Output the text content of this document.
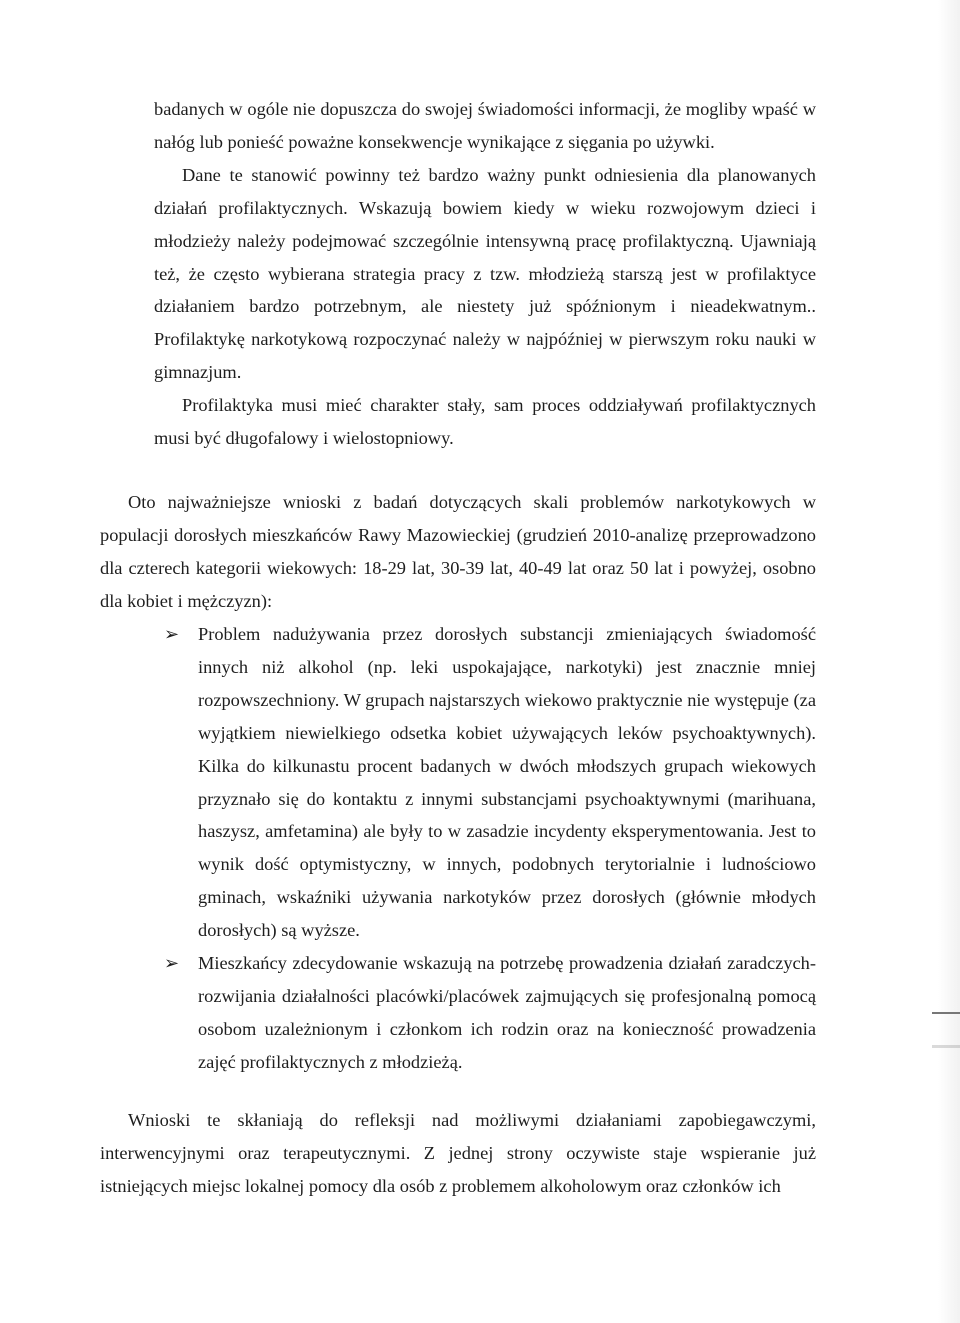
badanych w ogóle nie dopuszcza do swojej świadomości informacji, że mogliby wpaść w nałóg lub ponieść poważne konsekwencje wynikające z sięgania po używki.

Dane te stanowić powinny też bardzo ważny punkt odniesienia dla planowanych działań profilaktycznych. Wskazują bowiem kiedy w wieku rozwojowym dzieci i młodzieży należy podejmować szczególnie intensywną pracę profilaktyczną. Ujawniają też, że często wybierana strategia pracy z tzw. młodzieżą starszą jest w profilaktyce działaniem bardzo potrzebnym, ale niestety już spóźnionym i nieadekwatnym.. Profilaktykę narkotykową rozpoczynać należy w najpóźniej w pierwszym roku nauki w gimnazjum.

Profilaktyka musi mieć charakter stały, sam proces oddziaływań profilaktycznych musi być długofalowy i wielostopniowy.

Oto najważniejsze wnioski z badań dotyczących skali problemów narkotykowych w populacji dorosłych mieszkańców Rawy Mazowieckiej (grudzień 2010-analizę przeprowadzono dla czterech kategorii wiekowych: 18-29 lat, 30-39 lat, 40-49 lat oraz 50 lat i powyżej, osobno dla kobiet i mężczyzn):

➢ Problem nadużywania przez dorosłych substancji zmieniających świadomość innych niż alkohol (np. leki uspokajające, narkotyki) jest znacznie mniej rozpowszechniony. W grupach najstarszych wiekowo praktycznie nie występuje (za wyjątkiem niewielkiego odsetka kobiet używających leków psychoaktywnych). Kilka do kilkunastu procent badanych w dwóch młodszych grupach wiekowych przyznało się do kontaktu z innymi substancjami psychoaktywnymi (marihuana, haszysz, amfetamina) ale były to w zasadzie incydenty eksperymentowania. Jest to wynik dość optymistyczny, w innych, podobnych terytorialnie i ludnościowo gminach, wskaźniki używania narkotyków przez dorosłych (głównie młodych dorosłych) są wyższe.
➢ Mieszkańcy zdecydowanie wskazują na potrzebę prowadzenia działań zaradczych- rozwijania działalności placówki/placówek zajmujących się profesjonalną pomocą osobom uzależnionym i członkom ich rodzin oraz na konieczność prowadzenia zajęć profilaktycznych z młodzieżą.

Wnioski te skłaniają do refleksji nad możliwymi działaniami zapobiegawczymi, interwencyjnymi oraz terapeutycznymi. Z jednej strony oczywiste staje wspieranie już istniejących miejsc lokalnej pomocy dla osób z problemem alkoholowym oraz członków ich
